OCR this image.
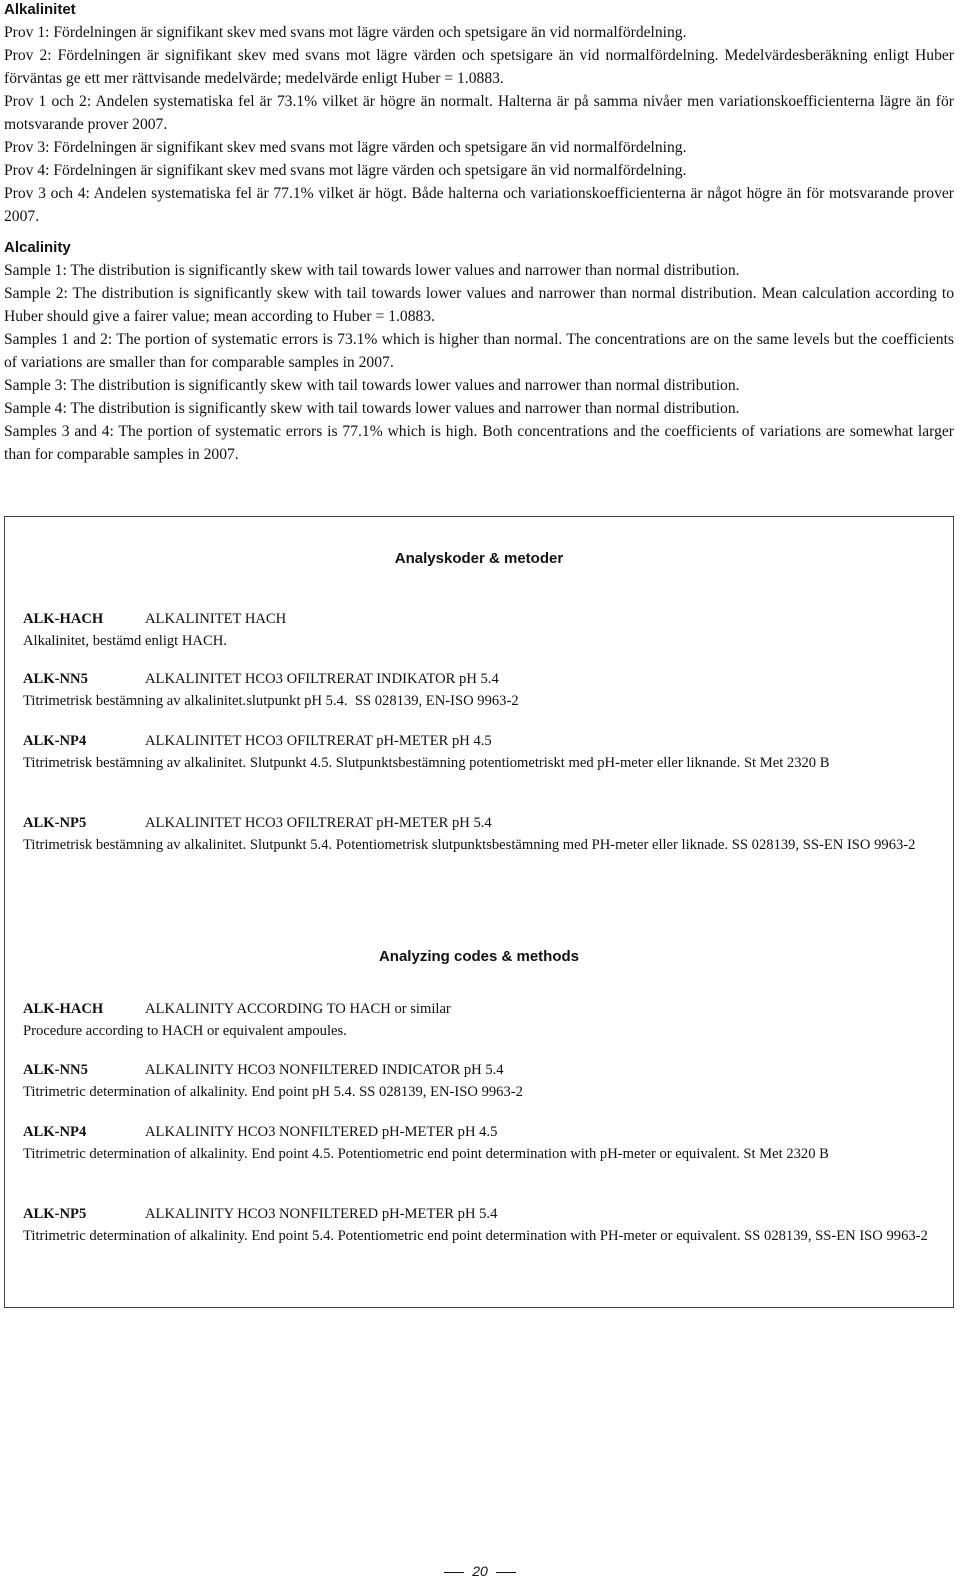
Alkalinitet

Prov 1: Fördelningen är signifikant skev med svans mot lägre värden och spetsigare än vid normalfördelning.

Prov 2: Fördelningen är signifikant skev med svans mot lägre värden och spetsigare än vid normalfördelning. Medelvärdesberäkning enligt Huber förväntas ge ett mer rättvisande medelvärde; medelvärde enligt Huber = 1.0883.

Prov 1 och 2: Andelen systematiska fel är 73.1% vilket är högre än normalt. Halterna är på samma nivåer men variationskoefficienterna lägre än för motsvarande prover 2007.

Prov 3: Fördelningen är signifikant skev med svans mot lägre värden och spetsigare än vid normalfördelning.

Prov 4: Fördelningen är signifikant skev med svans mot lägre värden och spetsigare än vid normalfördelning.

Prov 3 och 4: Andelen systematiska fel är 77.1% vilket är högt. Både halterna och variationskoefficienterna är något högre än för motsvarande prover 2007.

Alcalinity

Sample 1: The distribution is significantly skew with tail towards lower values and narrower than normal distribution.

Sample 2: The distribution is significantly skew with tail towards lower values and narrower than normal distribution. Mean calculation according to Huber should give a fairer value; mean according to Huber = 1.0883.

Samples 1 and 2: The portion of systematic errors is 73.1% which is higher than normal. The concentrations are on the same levels but the coefficients of variations are smaller than for comparable samples in 2007.

Sample 3: The distribution is significantly skew with tail towards lower values and narrower than normal distribution.

Sample 4: The distribution is significantly skew with tail towards lower values and narrower than normal distribution.

Samples 3 and 4: The portion of systematic errors is 77.1% which is high. Both concentrations and the coefficients of variations are somewhat larger than for comparable samples in 2007.

Analyskoder & metoder
ALK-HACH	ALKALINITET HACH
Alkalinitet, bestämd enligt HACH.
ALK-NN5	ALKALINITET HCO3 OFILTRERAT INDIKATOR pH 5.4
Titrimetrisk bestämning av alkalinitet.slutpunkt pH 5.4.  SS 028139, EN-ISO 9963-2
ALK-NP4	ALKALINITET HCO3 OFILTRERAT pH-METER pH 4.5
Titrimetrisk bestämning av alkalinitet. Slutpunkt 4.5. Slutpunktsbestämning potentiometriskt med pH-meter eller liknande. St Met 2320 B
ALK-NP5	ALKALINITET HCO3 OFILTRERAT pH-METER pH 5.4
Titrimetrisk bestämning av alkalinitet. Slutpunkt 5.4. Potentiometrisk slutpunktsbestämning med PH-meter eller liknade. SS 028139, SS-EN ISO 9963-2
Analyzing codes & methods
ALK-HACH	ALKALINITY ACCORDING TO HACH or similar
Procedure according to HACH or equivalent ampoules.
ALK-NN5	ALKALINITY HCO3 NONFILTERED INDICATOR pH 5.4
Titrimetric determination of alkalinity. End point pH 5.4. SS 028139, EN-ISO 9963-2
ALK-NP4	ALKALINITY HCO3 NONFILTERED pH-METER pH 4.5
Titrimetric determination of alkalinity. End point 4.5. Potentiometric end point determination with pH-meter or equivalent. St Met 2320 B
ALK-NP5	ALKALINITY HCO3 NONFILTERED pH-METER pH 5.4
Titrimetric determination of alkalinity. End point 5.4. Potentiometric end point determination with PH-meter or equivalent. SS 028139, SS-EN ISO 9963-2
20
